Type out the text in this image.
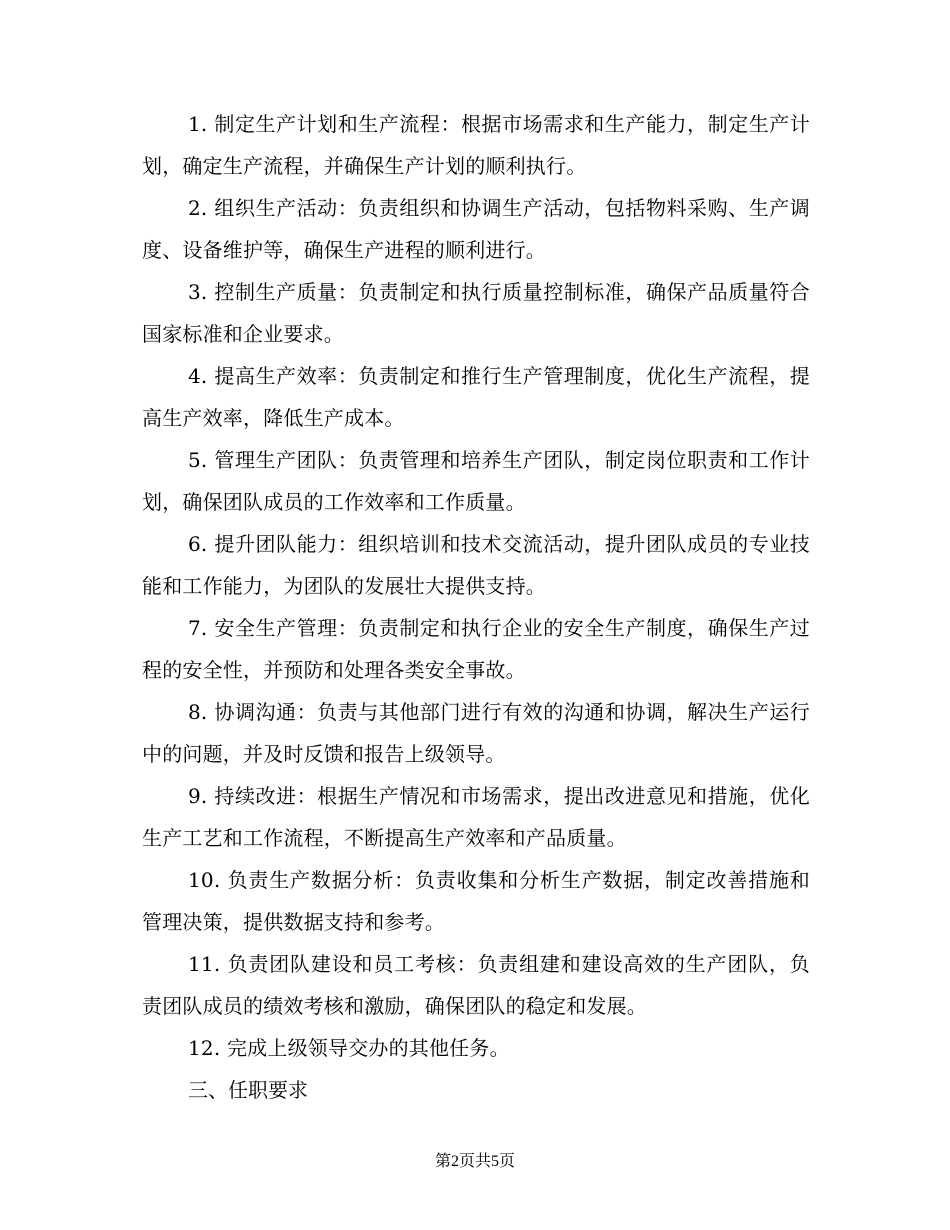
1. 制定生产计划和生产流程：根据市场需求和生产能力，制定生产计划，确定生产流程，并确保生产计划的顺利执行。

2. 组织生产活动：负责组织和协调生产活动，包括物料采购、生产调度、设备维护等，确保生产进程的顺利进行。

3. 控制生产质量：负责制定和执行质量控制标准，确保产品质量符合国家标准和企业要求。

4. 提高生产效率：负责制定和推行生产管理制度，优化生产流程，提高生产效率，降低生产成本。

5. 管理生产团队：负责管理和培养生产团队，制定岗位职责和工作计划，确保团队成员的工作效率和工作质量。

6. 提升团队能力：组织培训和技术交流活动，提升团队成员的专业技能和工作能力，为团队的发展壮大提供支持。

7. 安全生产管理：负责制定和执行企业的安全生产制度，确保生产过程的安全性，并预防和处理各类安全事故。

8. 协调沟通：负责与其他部门进行有效的沟通和协调，解决生产运行中的问题，并及时反馈和报告上级领导。

9. 持续改进：根据生产情况和市场需求，提出改进意见和措施，优化生产工艺和工作流程，不断提高生产效率和产品质量。

10. 负责生产数据分析：负责收集和分析生产数据，制定改善措施和管理决策，提供数据支持和参考。

11. 负责团队建设和员工考核：负责组建和建设高效的生产团队，负责团队成员的绩效考核和激励，确保团队的稳定和发展。

12. 完成上级领导交办的其他任务。

三、任职要求

第2页共5页
